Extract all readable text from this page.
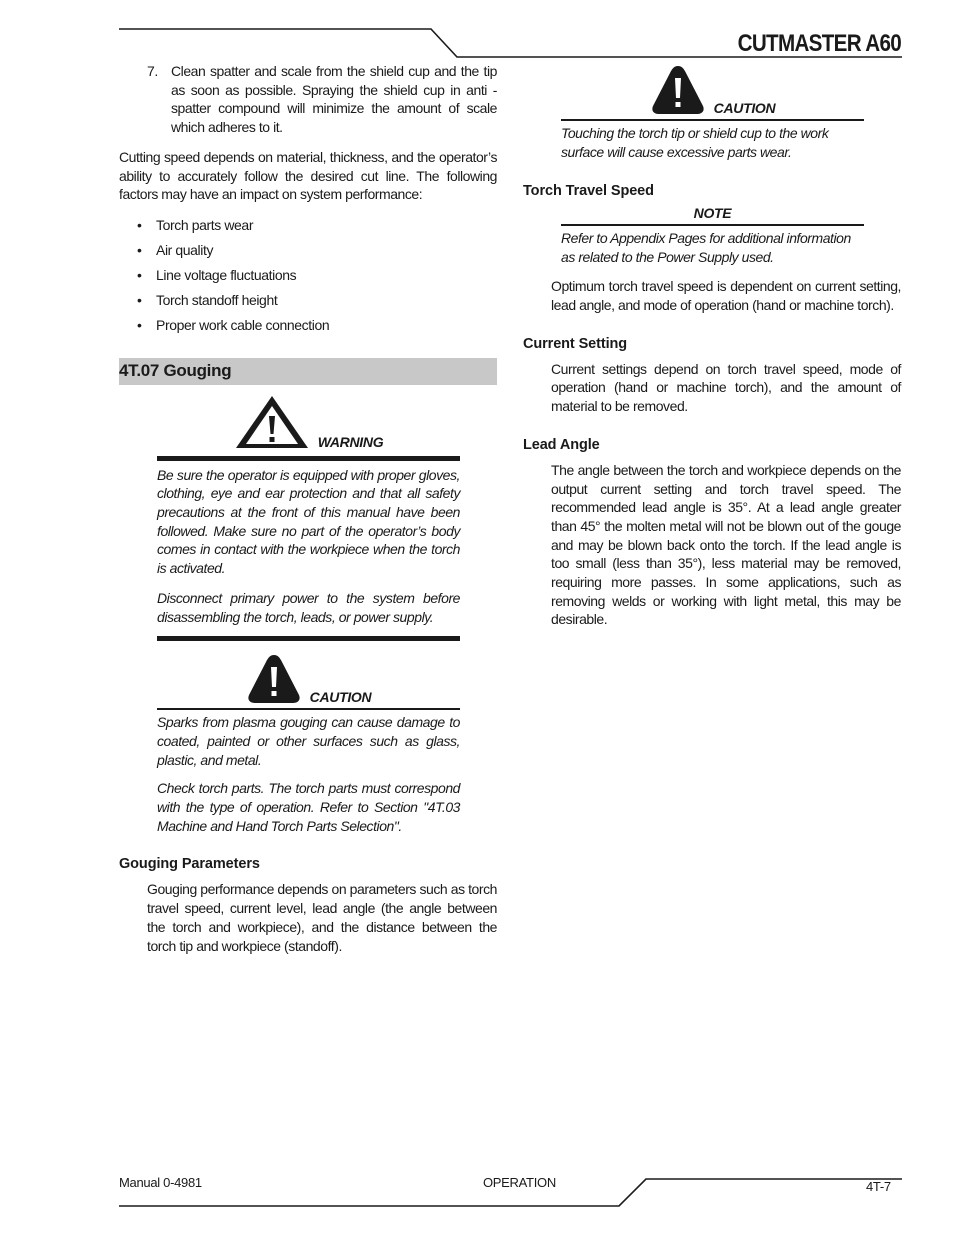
CUTMASTER A60
7. Clean spatter and scale from the shield cup and the tip as soon as possible. Spraying the shield cup in anti - spatter compound will minimize the amount of scale which adheres to it.

Cutting speed depends on material, thickness, and the operator’s ability to accurately follow the desired cut line. The following factors may have an impact on system performance:

•	Torch parts wear
•	Air quality
•	Line voltage fluctuations
•	Torch standoff height
•	Proper work cable connection
4T.07 Gouging
WARNING

Be sure the operator is equipped with proper gloves, clothing, eye and ear protection and that all safety precautions at the front of this manual have been followed. Make sure no part of the operator’s body comes in contact with the workpiece when the torch is activated.

Disconnect primary power to the system before disassembling the torch, leads, or power supply.

CAUTION

Sparks from plasma gouging can cause damage to coated, painted or other surfaces such as glass, plastic, and metal.

Check torch parts. The torch parts must correspond with the type of operation. Refer to Section "4T.03 Machine and Hand Torch Parts Selection".

Gouging Parameters

Gouging performance depends on parameters such as torch travel speed, current level, lead angle (the angle between the torch and workpiece), and the distance between the torch tip and workpiece (standoff).

CAUTION

Touching the torch tip or shield cup to the work surface will cause excessive parts wear.

Torch Travel Speed
NOTE

Refer to Appendix Pages for additional information as related to the Power Supply used.

Optimum torch travel speed is dependent on current setting, lead angle, and mode of operation (hand or machine torch).

Current Setting

Current settings depend on torch travel speed, mode of operation (hand or machine torch), and the amount of material to be removed.

Lead Angle

The angle between the torch and workpiece depends on the output current setting and torch travel speed. The recommended lead angle is 35°. At a lead angle greater than 45° the molten metal will not be blown out of the gouge and may be blown back onto the torch. If the lead angle is too small (less than 35°), less material may be removed, requiring more passes. In some applications, such as removing welds or working with light metal, this may be desirable.

Manual 0-4981	OPERATION	4T-7
